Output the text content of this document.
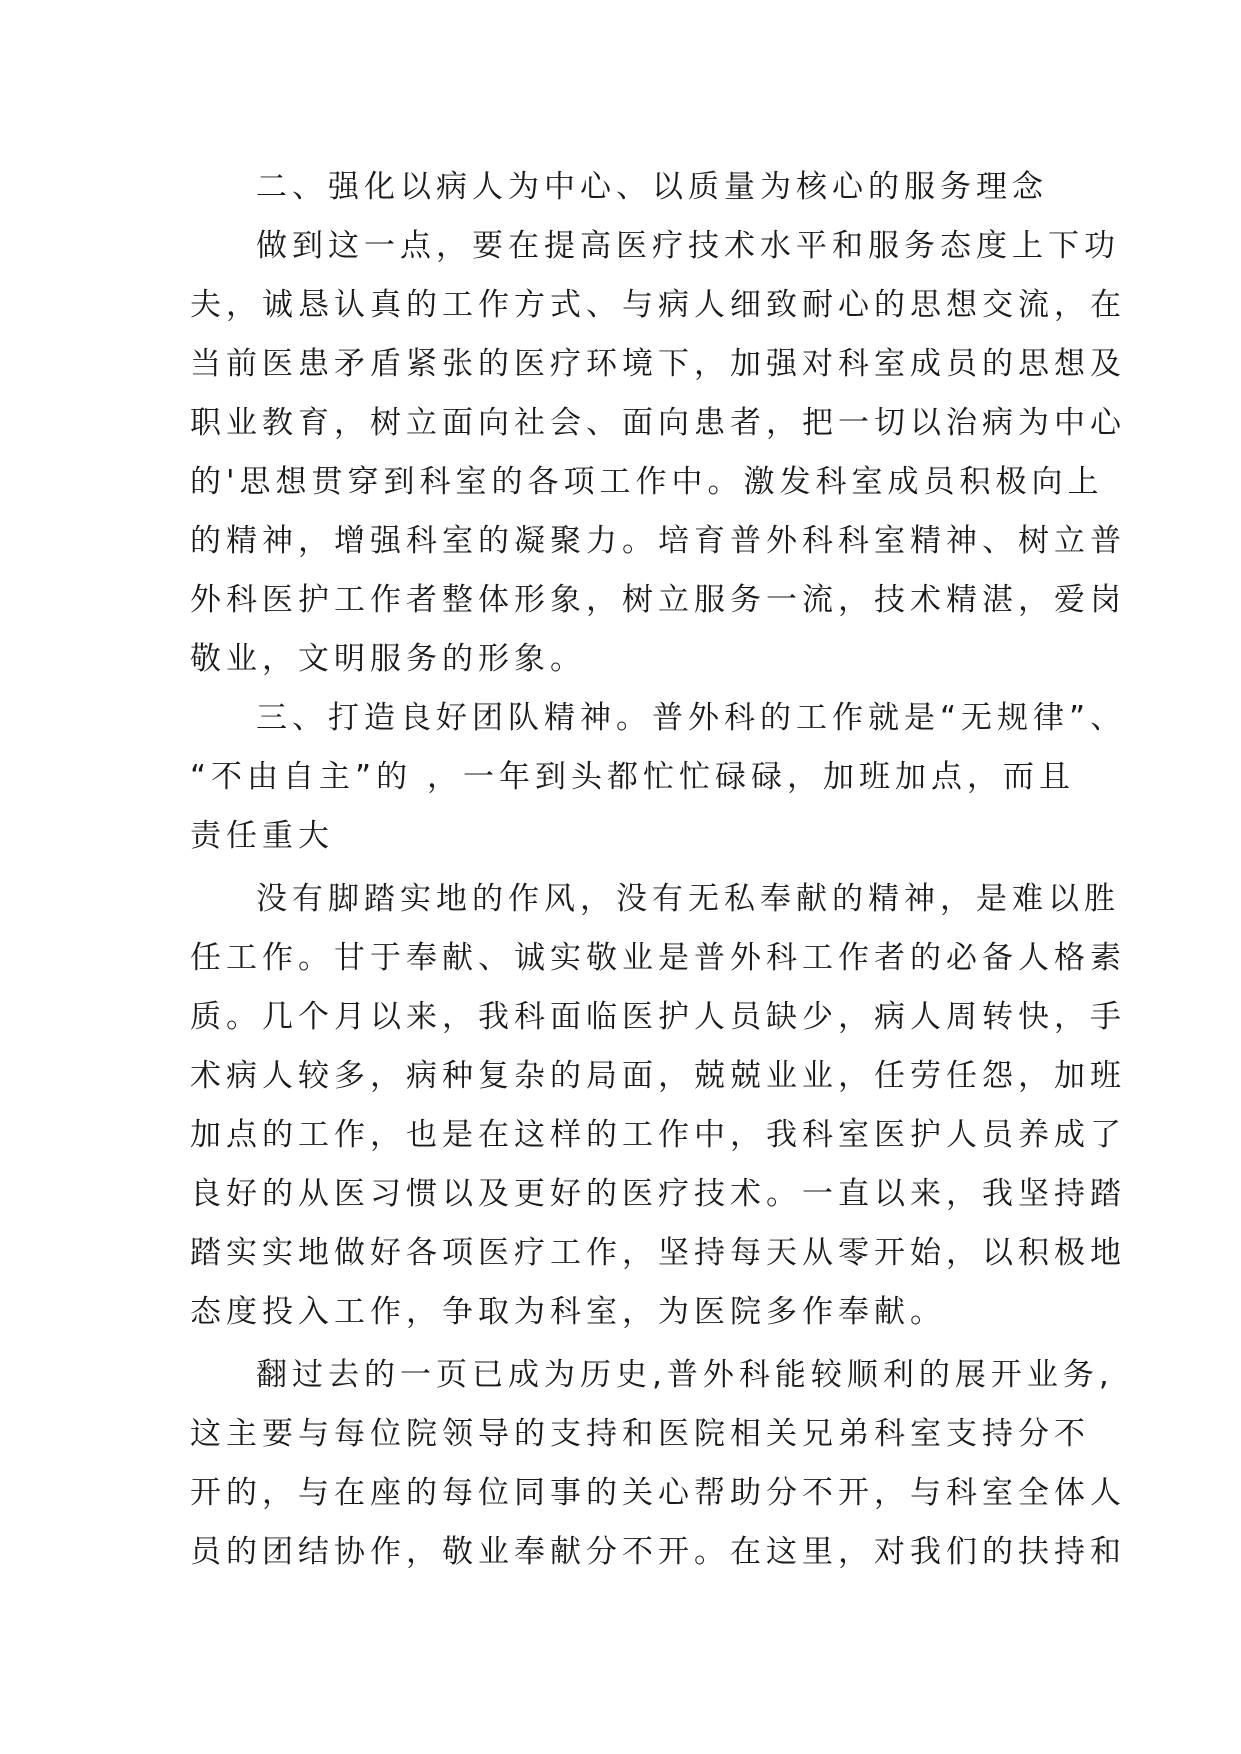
二、强化以病人为中心、以质量为核心的服务理念
做到这一点，要在提高医疗技术水平和服务态度上下功
夫，诚恳认真的工作方式、与病人细致耐心的思想交流，在
当前医患矛盾紧张的医疗环境下，加强对科室成员的思想及
职业教育，树立面向社会、面向患者，把一切以治病为中心
的'思想贯穿到科室的各项工作中。激发科室成员积极向上
的精神，增强科室的凝聚力。培育普外科科室精神、树立普
外科医护工作者整体形象，树立服务一流，技术精湛，爱岗
敬业，文明服务的形象。
三、打造良好团队精神。普外科的工作就是“无规律”、
“不由自主”的 ，一年到头都忙忙碌碌，加班加点，而且
责任重大
没有脚踏实地的作风，没有无私奉献的精神，是难以胜
任工作。甘于奉献、诚实敬业是普外科工作者的必备人格素
质。几个月以来，我科面临医护人员缺少，病人周转快，手
术病人较多，病种复杂的局面，兢兢业业，任劳任怨，加班
加点的工作，也是在这样的工作中，我科室医护人员养成了
良好的从医习惯以及更好的医疗技术。一直以来，我坚持踏
踏实实地做好各项医疗工作，坚持每天从零开始，以积极地
态度投入工作，争取为科室，为医院多作奉献。
翻过去的一页已成为历史,普外科能较顺利的展开业务,
这主要与每位院领导的支持和医院相关兄弟科室支持分不
开的，与在座的每位同事的关心帮助分不开，与科室全体人
员的团结协作，敬业奉献分不开。在这里，对我们的扶持和
